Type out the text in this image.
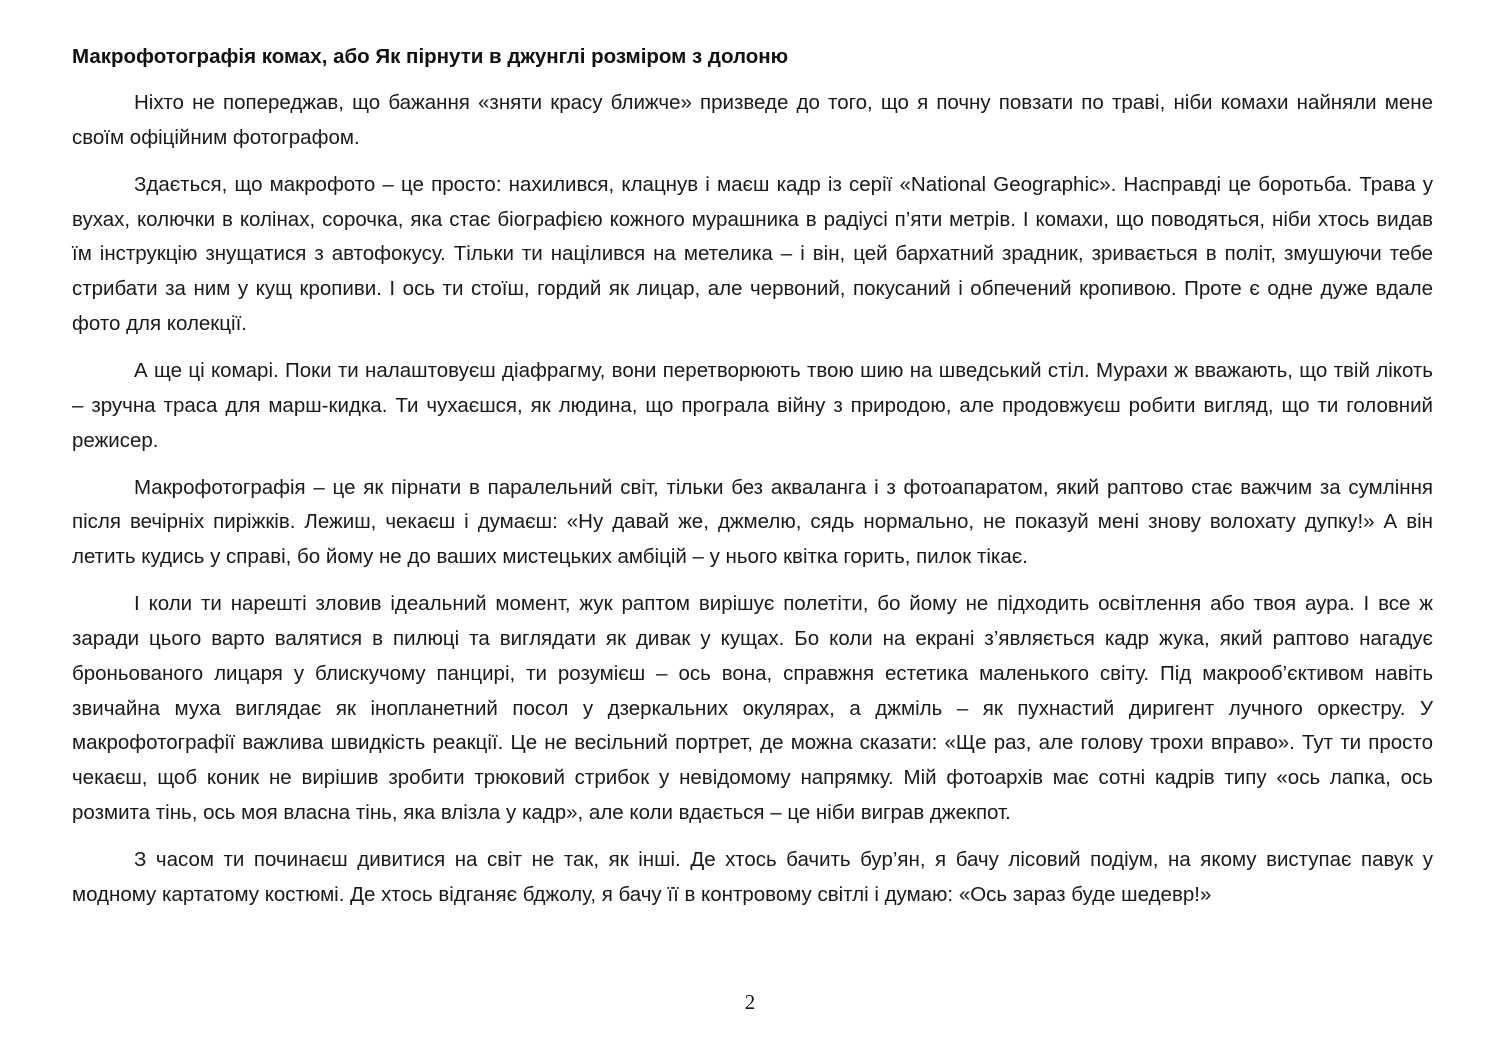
Макрофотографія комах, або Як пірнути в джунглі розміром з долоню

Ніхто не попереджав, що бажання «зняти красу ближче» призведе до того, що я почну повзати по траві, ніби комахи найняли мене своїм офіційним фотографом.

Здається, що макрофото – це просто: нахилився, клацнув і маєш кадр із серії «National Geographic». Насправді це боротьба. Трава у вухах, колючки в колінах, сорочка, яка стає біографією кожного мурашника в радіусі п’яти метрів. І комахи, що поводяться, ніби хтось видав їм інструкцію знущатися з автофокусу. Тільки ти націлився на метелика – і він, цей бархатний зрадник, зривається в політ, змушуючи тебе стрибати за ним у кущ кропиви. І ось ти стоїш, гордий як лицар, але червоний, покусаний і обпечений кропивою. Проте є одне дуже вдале фото для колекції.

А ще ці комарі. Поки ти налаштовуєш діафрагму, вони перетворюють твою шию на шведський стіл. Мурахи ж вважають, що твій лікоть – зручна траса для марш-кидка. Ти чухаєшся, як людина, що програла війну з природою, але продовжуєш робити вигляд, що ти головний режисер.

Макрофотографія – це як пірнати в паралельний світ, тільки без акваланга і з фотоапаратом, який раптово стає важчим за сумління після вечірніх пиріжків. Лежиш, чекаєш і думаєш: «Ну давай же, джмелю, сядь нормально, не показуй мені знову волохату дупку!» А він летить кудись у справі, бо йому не до ваших мистецьких амбіцій – у нього квітка горить, пилок тікає.

І коли ти нарешті зловив ідеальний момент, жук раптом вирішує полетіти, бо йому не підходить освітлення або твоя аура. І все ж заради цього варто валятися в пилюці та виглядати як дивак у кущах. Бо коли на екрані з’являється кадр жука, який раптово нагадує броньованого лицаря у блискучому панцирі, ти розумієш – ось вона, справжня естетика маленького світу. Під макрооб’єктивом навіть звичайна муха виглядає як інопланетний посол у дзеркальних окулярах, а джміль – як пухнастий диригент лучного оркестру. У макрофотографії важлива швидкість реакції. Це не весільний портрет, де можна сказати: «Ще раз, але голову трохи вправо». Тут ти просто чекаєш, щоб коник не вирішив зробити трюковий стрибок у невідомому напрямку. Мій фотоархів має сотні кадрів типу «ось лапка, ось розмита тінь, ось моя власна тінь, яка влізла у кадр», але коли вдається – це ніби виграв джекпот.

З часом ти починаєш дивитися на світ не так, як інші. Де хтось бачить бур’ян, я бачу лісовий подіум, на якому виступає павук у модному картатому костюмі. Де хтось відганяє бджолу, я бачу її в контровому світлі і думаю: «Ось зараз буде шедевр!»

2
